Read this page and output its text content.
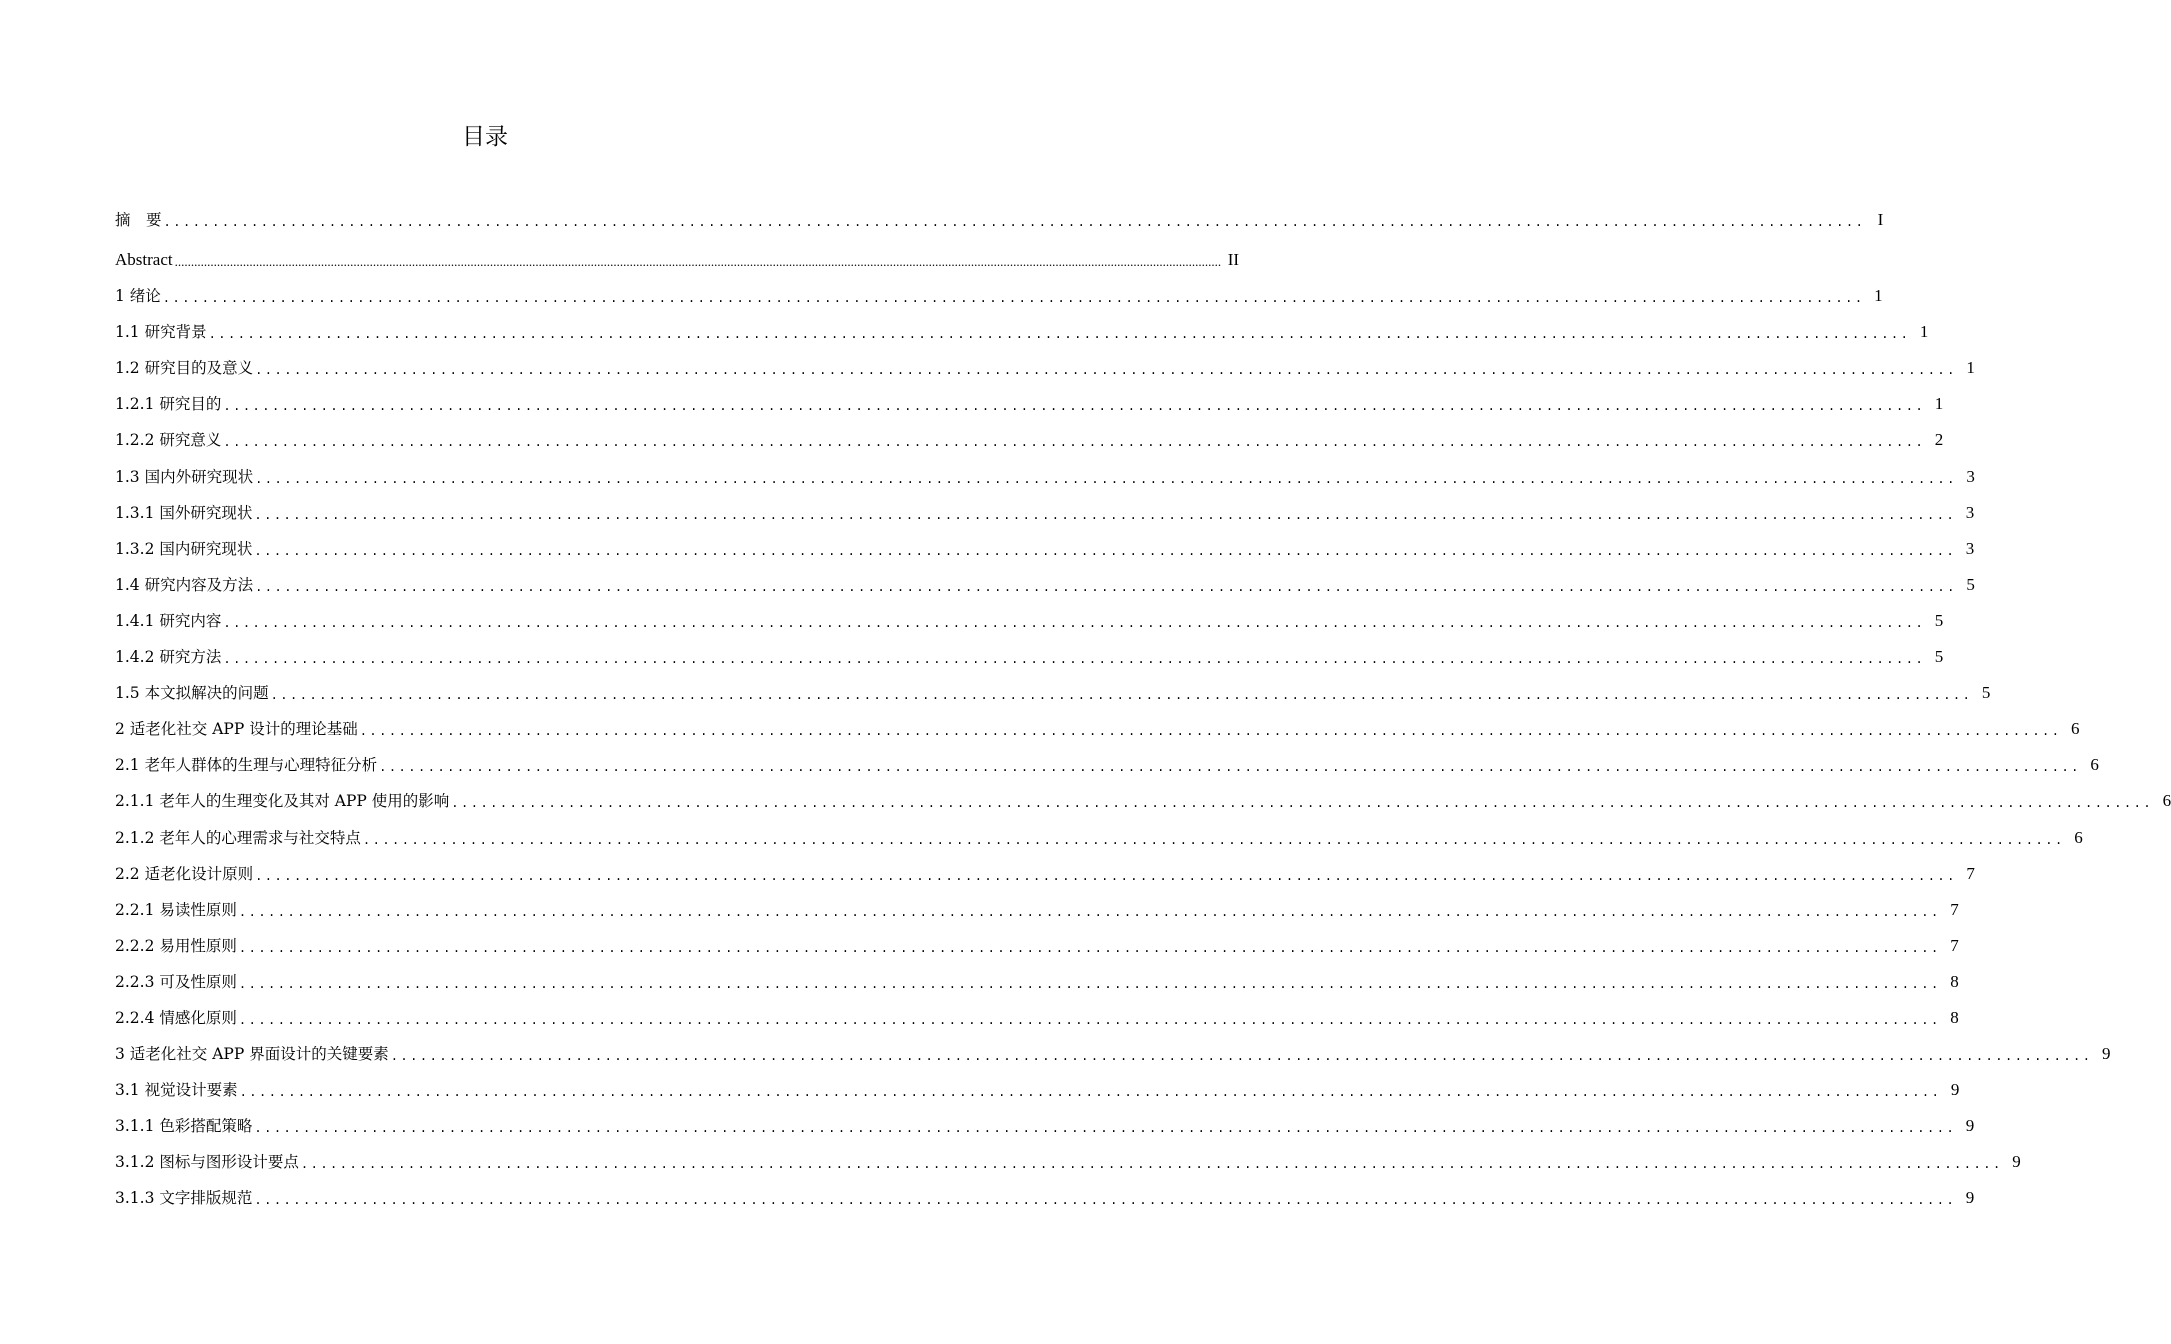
目录
摘　要 ............................................................................................................................................................................... I
Abstract .................................................................................................................................................................................................................................................................................................................................. II
1 绪论 ............................................................................................................................................................................... 1
1.1 研究背景 ............................................................................................................................................................................... 1
1.2 研究目的及意义 ............................................................................................................................................................................... 1
1.2.1 研究目的 ............................................................................................................................................................................... 1
1.2.2 研究意义 ............................................................................................................................................................................... 2
1.3 国内外研究现状 ............................................................................................................................................................................... 3
1.3.1 国外研究现状 ............................................................................................................................................................................... 3
1.3.2 国内研究现状 ............................................................................................................................................................................... 3
1.4 研究内容及方法 ............................................................................................................................................................................... 5
1.4.1 研究内容 ............................................................................................................................................................................... 5
1.4.2 研究方法 ............................................................................................................................................................................... 5
1.5 本文拟解决的问题 ............................................................................................................................................................................... 5
2 适老化社交 APP 设计的理论基础 ............................................................................................................................................................................... 6
2.1 老年人群体的生理与心理特征分析 ............................................................................................................................................................................... 6
2.1.1 老年人的生理变化及其对 APP 使用的影响 ............................................................................................................................................................................... 6
2.1.2 老年人的心理需求与社交特点 ............................................................................................................................................................................... 6
2.2 适老化设计原则 ............................................................................................................................................................................... 7
2.2.1 易读性原则 ............................................................................................................................................................................... 7
2.2.2 易用性原则 ............................................................................................................................................................................... 7
2.2.3 可及性原则 ............................................................................................................................................................................... 8
2.2.4 情感化原则 ............................................................................................................................................................................... 8
3 适老化社交 APP 界面设计的关键要素 ............................................................................................................................................................................... 9
3.1 视觉设计要素 ............................................................................................................................................................................... 9
3.1.1 色彩搭配策略 ............................................................................................................................................................................... 9
3.1.2 图标与图形设计要点 ............................................................................................................................................................................... 9
3.1.3 文字排版规范 ............................................................................................................................................................................... 9
